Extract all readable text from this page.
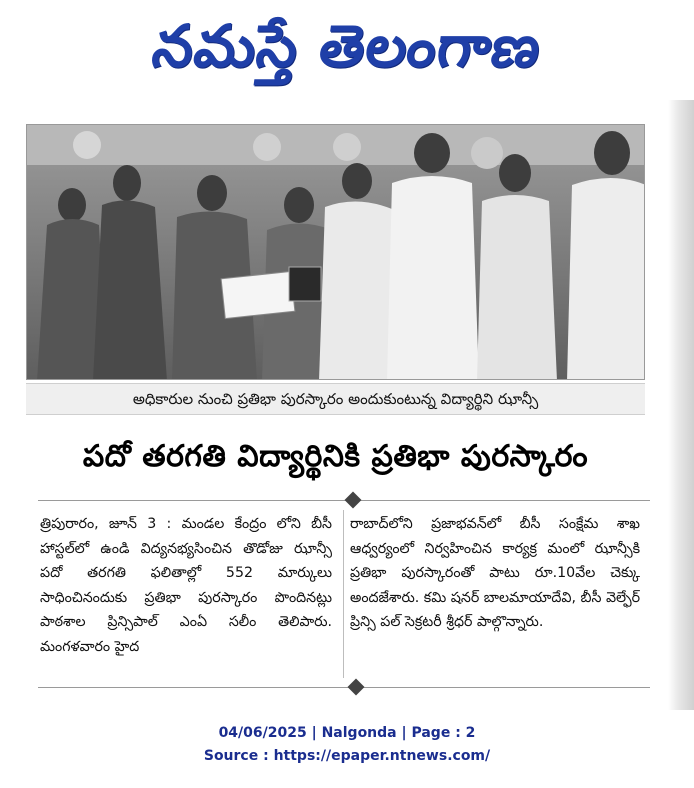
నమస్తే తెలంగాణ
అధికారుల నుంచి ప్రతిభా పురస్కారం అందుకుంటున్న విద్యార్థిని ఝాన్సీ
పదో తరగతి విద్యార్థినికి ప్రతిభా పురస్కారం
త్రిపురారం, జూన్ 3 : మండల కేంద్రం లోని బీసీ హాస్టల్‌లో ఉండి విద్యనభ్యసించిన తొడోజు ఝాన్సీ పదో తరగతి ఫలితాల్లో 552 మార్కులు సాధించినందుకు ప్రతిభా పురస్కారం పొందినట్లు పాఠశాల ప్రిన్సిపాల్ ఎంఏ సలీం తెలిపారు. మంగళవారం హైద
రాబాద్‌లోని ప్రజాభవన్‌లో బీసీ సంక్షేమ శాఖ ఆధ్వర్యంలో నిర్వహించిన కార్యక్ర మంలో ఝాన్సీకి ప్రతిభా పురస్కారంతో పాటు రూ.10వేల చెక్కు అందజేశారు. కమి షనర్ బాలమాయాదేవి, బీసీ వెల్ఫేర్ ప్రిన్సి పల్ సెక్రటరీ శ్రీధర్ పాల్గొన్నారు.
04/06/2025 | Nalgonda | Page : 2
Source : https://epaper.ntnews.com/
